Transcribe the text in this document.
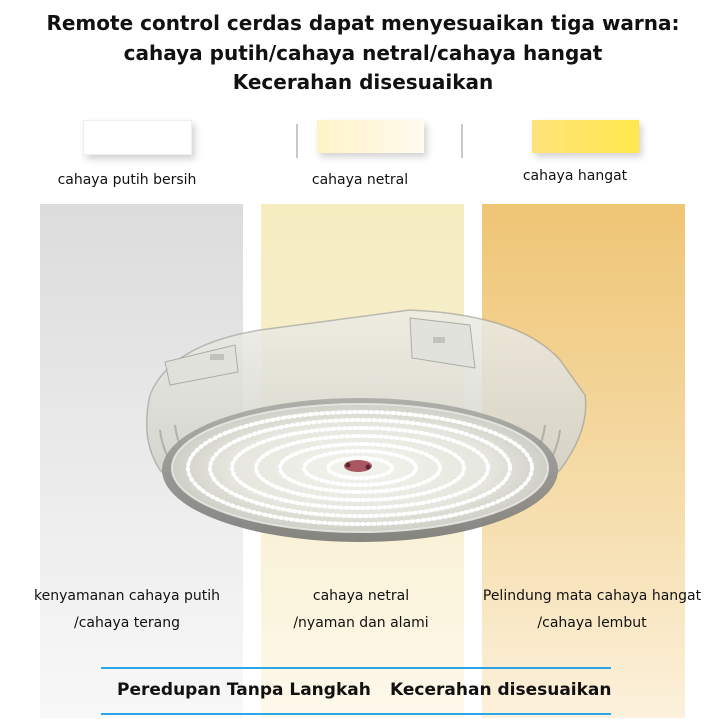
Remote control cerdas dapat menyesuaikan tiga warna:
cahaya putih/cahaya netral/cahaya hangat
Kecerahan disesuaikan
cahaya putih bersih	cahaya netral	cahaya hangat
kenyamanan cahaya putih
/cahaya terang
cahaya netral
/nyaman dan alami
Pelindung mata cahaya hangat
/cahaya lembut
Peredupan Tanpa Langkah Kecerahan disesuaikan
